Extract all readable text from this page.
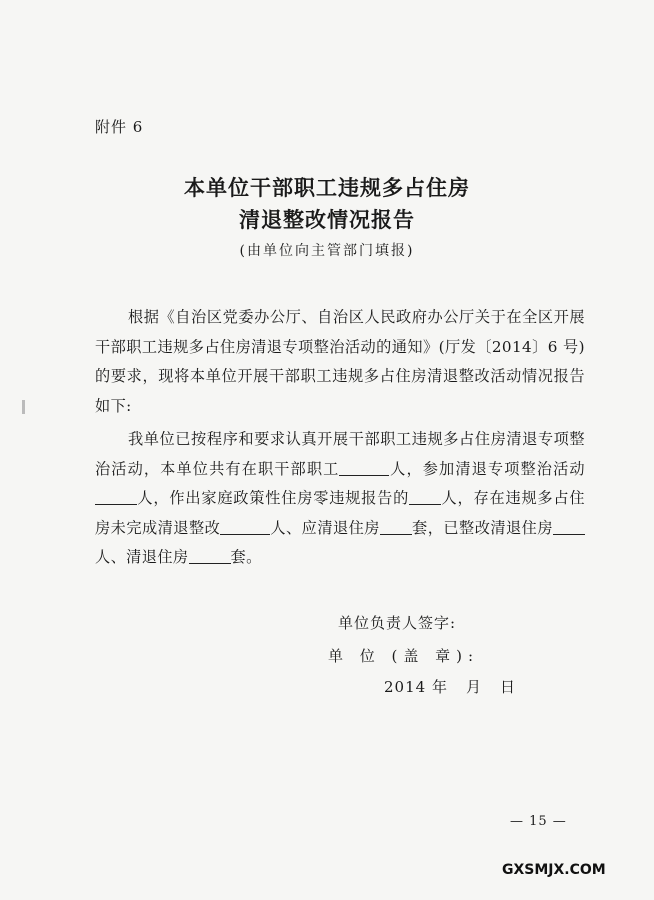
附件 6
本单位干部职工违规多占住房
清退整改情况报告
(由单位向主管部门填报)
根据《自治区党委办公厅、自治区人民政府办公厅关于在全区开展干部职工违规多占住房清退专项整治活动的通知》(厅发〔2014〕6 号) 的要求，现将本单位开展干部职工违规多占住房清退整改活动情况报告如下:
我单位已按程序和要求认真开展干部职工违规多占住房清退专项整治活动，本单位共有在职干部职工	人，参加清退专项整治活动人，作出家庭政策性住房零违规报告的 人，存在违规多占住房未完成清退整改	人、应清退住房 套，已整改清退住房人、清退住房	套。
单位负责人签字:
单 位 (盖 章):
2014 年 月 日
— 15 —
GXSMJX.COM
